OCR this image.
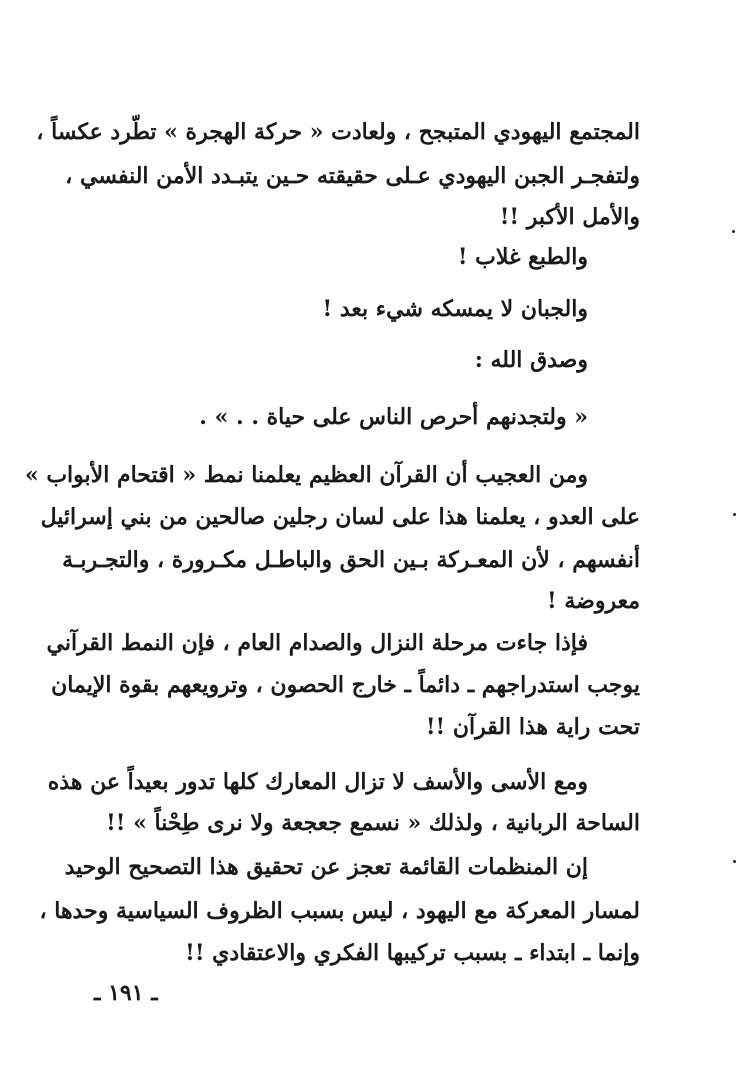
المجتمع اليهودي المتبجح ، ولعادت « حركة الهجرة » تطّرد عكساً ،
ولتفجـر الجبن اليهودي عـلى حقيقته حـين يتبـدد الأمن النفسي ،
والأمل الأكبر !!
والطبع غلاب !
والجبان لا يمسكه شيء بعد !
وصدق الله :
« ولتجدنهم أحرص الناس على حياة . . » .
ومن العجيب أن القرآن العظيم يعلمنا نمط « اقتحام الأبواب »
على العدو ، يعلمنا هذا على لسان رجلين صالحين من بني إسرائيل
أنفسهم ، لأن المعـركة بـين الحق والباطـل مكـرورة ، والتجـربـة
معروضة !
فإذا جاءت مرحلة النزال والصدام العام ، فإن النمط القرآني
يوجب استدراجهم ـ دائماً ـ خارج الحصون ، وترويعهم بقوة الإيمان
تحت راية هذا القرآن !!
ومع الأسى والأسف لا تزال المعارك كلها تدور بعيداً عن هذه
الساحة الربانية ، ولذلك « نسمع جعجعة ولا نرى طِحْناً » !!
إن المنظمات القائمة تعجز عن تحقيق هذا التصحيح الوحيد
لمسار المعركة مع اليهود ، ليس بسبب الظروف السياسية وحدها ،
وإنما ـ ابتداء ـ بسبب تركيبها الفكري والاعتقادي !!
ـ ١٩١ ـ
